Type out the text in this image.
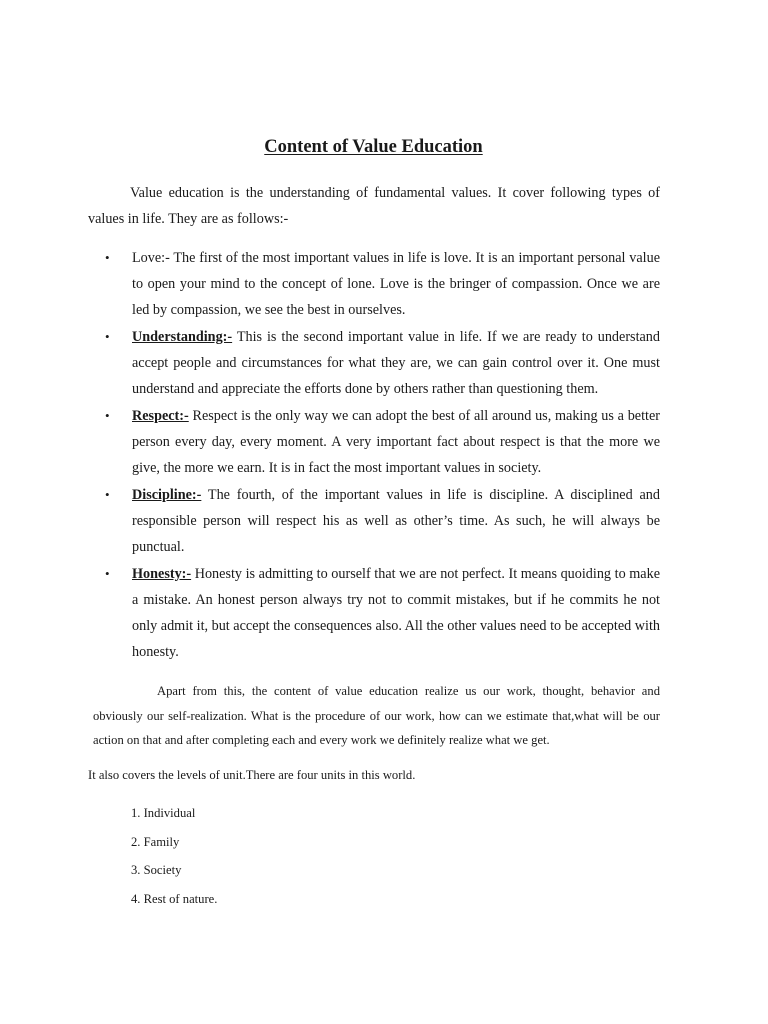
Content of Value Education

Value education is the understanding of fundamental values. It cover following types of values in life. They are as follows:-

• Love:- The first of the most important values in life is love. It is an important personal value to open your mind to the concept of lone. Love is the bringer of compassion. Once we are led by compassion, we see the best in ourselves.
• Understanding:- This is the second important value in life. If we are ready to understand accept people and circumstances for what they are, we can gain control over it. One must understand and appreciate the efforts done by others rather than questioning them.
• Respect:- Respect is the only way we can adopt the best of all around us, making us a better person every day, every moment. A very important fact about respect is that the more we give, the more we earn. It is in fact the most important values in society.
• Discipline:- The fourth, of the important values in life is discipline. A disciplined and responsible person will respect his as well as other’s time. As such, he will always be punctual.
• Honesty:- Honesty is admitting to ourself that we are not perfect. It means quoiding to make a mistake. An honest person always try not to commit mistakes, but if he commits he not only admit it, but accept the consequences also. All the other values need to be accepted with honesty.

Apart from this, the content of value education realize us our work, thought, behavior and obviously our self-realization. What is the procedure of our work, how can we estimate that,what will be our action on that and after completing each and every work we definitely realize what we get.

It also covers the levels of unit.There are four units in this world.

1. Individual
2. Family
3. Society
4. Rest of nature.
